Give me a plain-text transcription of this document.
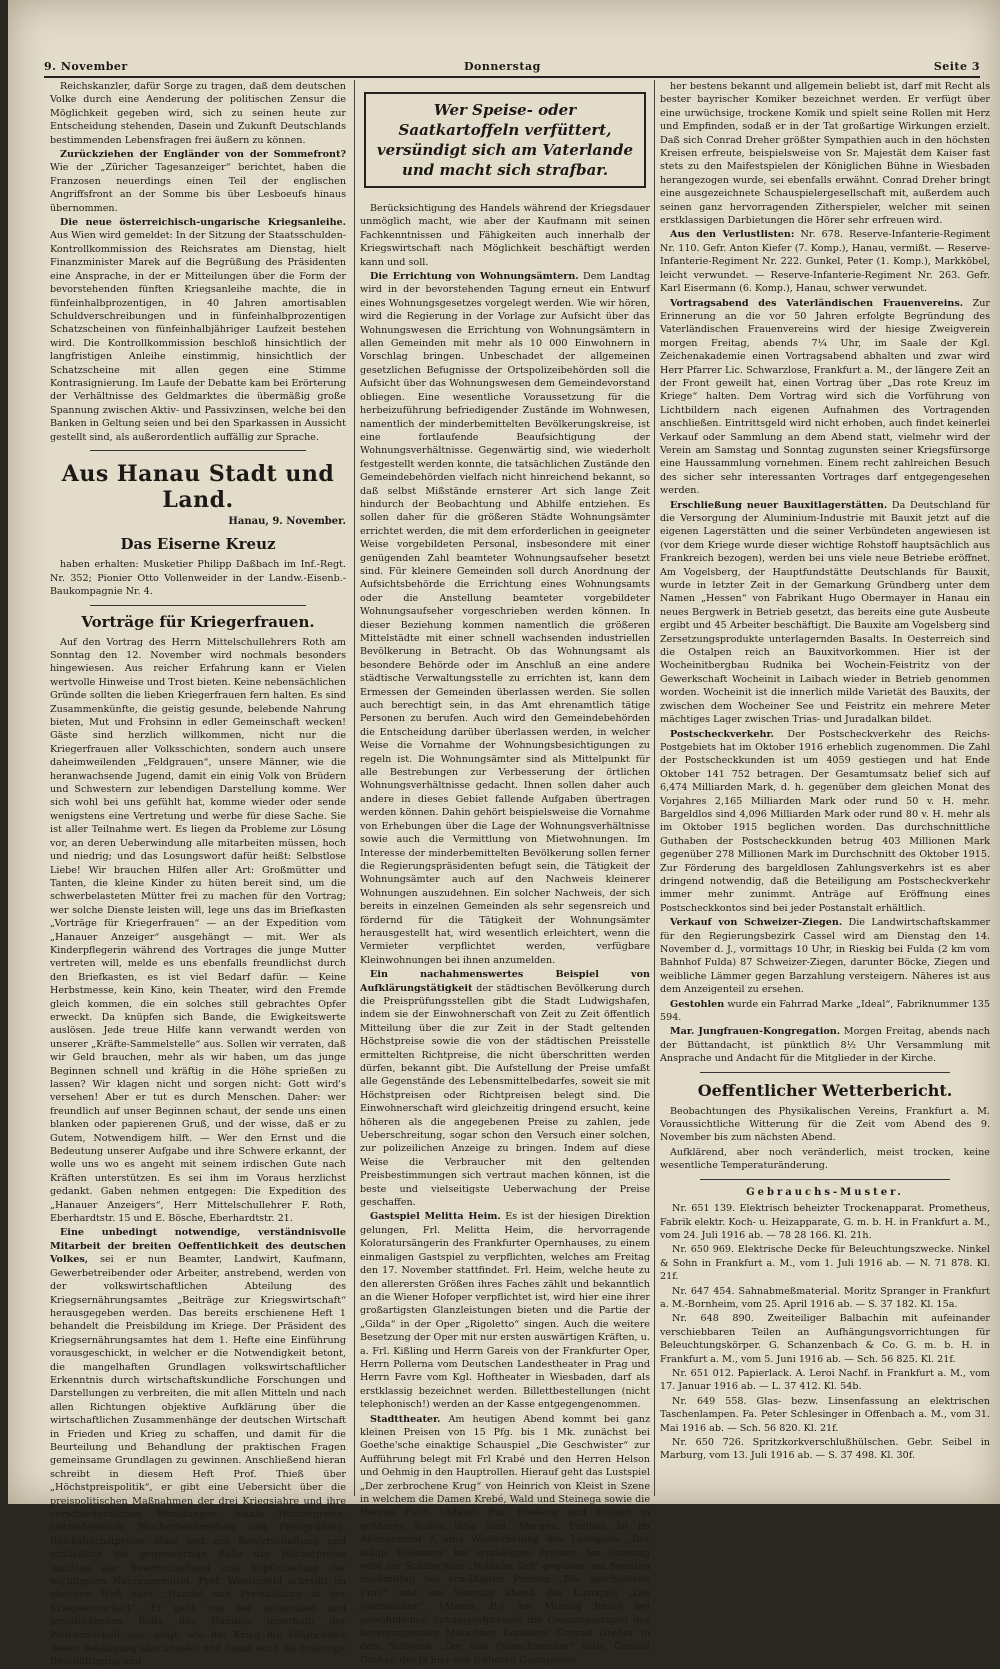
9. November	Donnerstag	Seite 3

Reichskanzler, dafür Sorge zu tragen, daß dem deutschen Volke durch eine Aenderung der politischen Zensur die Möglichkeit gegeben wird, sich zu seinen heute zur Entscheidung stehenden, Dasein und Zukunft Deutschlands bestimmenden Lebensfragen frei äußern zu können.

Zurückziehen der Engländer von der Sommefront? Wie der „Züricher Tagesanzeiger“ berichtet, haben die Franzosen neuerdings einen Teil der englischen Angriffsfront an der Somme bis über Lesboeufs hinaus übernommen.

Die neue österreichisch-ungarische Kriegsanleihe. Aus Wien wird gemeldet: In der Sitzung der Staatsschulden-Kontrollkommission des Reichsrates am Dienstag, hielt Finanzminister Marek auf die Begrüßung des Präsidenten eine Ansprache, in der er Mitteilungen über die Form der bevorstehenden fünften Kriegsanleihe machte, die in fünfeinhalbprozentigen, in 40 Jahren amortisablen Schuldverschreibungen und in fünfeinhalbprozentigen Schatzscheinen von fünfeinhalbjähriger Laufzeit bestehen wird. Die Kontrollkommission beschloß hinsichtlich der langfristigen Anleihe einstimmig, hinsichtlich der Schatzscheine mit allen gegen eine Stimme Kontrasignierung. Im Laufe der Debatte kam bei Erörterung der Verhältnisse des Geldmarktes die übermäßig große Spannung zwischen Aktiv- und Passivzinsen, welche bei den Banken in Geltung seien und bei den Sparkassen in Aussicht gestellt sind, als außerordentlich auffällig zur Sprache.

Aus Hanau Stadt und Land.
Hanau, 9. November.
Das Eiserne Kreuz

haben erhalten: Musketier Philipp Daßbach im Inf.-Regt. Nr. 352; Pionier Otto Vollenweider in der Landw.-Eisenb.-Baukompagnie Nr. 4.

Vorträge für Kriegerfrauen.

Auf den Vortrag des Herrn Mittelschullehrers Roth am Sonntag den 12. November wird nochmals besonders hingewiesen. Aus reicher Erfahrung kann er Vielen wertvolle Hinweise und Trost bieten. Keine nebensächlichen Gründe sollten die lieben Kriegerfrauen fern halten. Es sind Zusammenkünfte, die geistig gesunde, belebende Nahrung bieten, Mut und Frohsinn in edler Gemeinschaft wecken! Gäste sind herzlich willkommen, nicht nur die Kriegerfrauen aller Volksschichten, sondern auch unsere daheimweilenden „Feldgrauen“, unsere Männer, wie die heranwachsende Jugend, damit ein einig Volk von Brüdern und Schwestern zur lebendigen Darstellung komme. Wer sich wohl bei uns gefühlt hat, komme wieder oder sende wenigstens eine Vertretung und werbe für diese Sache. Sie ist aller Teilnahme wert. Es liegen da Probleme zur Lösung vor, an deren Ueberwindung alle mitarbeiten müssen, hoch und niedrig; und das Losungswort dafür heißt: Selbstlose Liebe! Wir brauchen Hilfen aller Art: Großmütter und Tanten, die kleine Kinder zu hüten bereit sind, um die schwerbelasteten Mütter frei zu machen für den Vortrag; wer solche Dienste leisten will, lege uns das im Briefkasten „Vorträge für Kriegerfrauen“ — an der Expedition vom „Hanauer Anzeiger“ ausgehängt — mit. Wer als Kinderpflegerin während des Vortrages die junge Mutter vertreten will, melde es uns ebenfalls freundlichst durch den Briefkasten, es ist viel Bedarf dafür. — Keine Herbstmesse, kein Kino, kein Theater, wird den Fremde gleich kommen, die ein solches still gebrachtes Opfer erweckt. Da knüpfen sich Bande, die Ewigkeitswerte auslösen. Jede treue Hilfe kann verwandt werden von unserer „Kräfte-Sammelstelle“ aus. Sollen wir verraten, daß wir Geld brauchen, mehr als wir haben, um das junge Beginnen schnell und kräftig in die Höhe sprießen zu lassen? Wir klagen nicht und sorgen nicht: Gott wird's versehen! Aber er tut es durch Menschen. Daher: wer freundlich auf unser Beginnen schaut, der sende uns einen blanken oder papierenen Gruß, und der wisse, daß er zu Gutem, Notwendigem hilft. — Wer den Ernst und die Bedeutung unserer Aufgabe und ihre Schwere erkannt, der wolle uns wo es angeht mit seinem irdischen Gute nach Kräften unterstützen. Es sei ihm im Voraus herzlichst gedankt. Gaben nehmen entgegen: Die Expedition des „Hanauer Anzeigers“, Herr Mittelschullehrer F. Roth, Eberhardtstr. 15 und E. Bösche, Eberhardtstr. 21.

Eine unbedingt notwendige, verständnisvolle Mitarbeit der breiten Oeffentlichkeit des deutschen Volkes, sei er nun Beamter, Landwirt, Kaufmann, Gewerbetreibender oder Arbeiter, anstrebend, werden von der volkswirtschaftlichen Abteilung des Kriegsernährungsamtes „Beiträge zur Kriegswirtschaft“ herausgegeben werden. Das bereits erschienene Heft 1 behandelt die Preisbildung im Kriege. Der Präsident des Kriegsernährungsamtes hat dem 1. Hefte eine Einführung vorausgeschickt, in welcher er die Notwendigkeit betont, die mangelhaften Grundlagen volkswirtschaftlicher Erkenntnis durch wirtschaftskundliche Forschungen und Darstellungen zu verbreiten, die mit allen Mitteln und nach allen Richtungen objektive Aufklärung über die wirtschaftlichen Zusammenhänge der deutschen Wirtschaft in Frieden und Krieg zu schaffen, und damit für die Beurteilung und Behandlung der praktischen Fragen gemeinsame Grundlagen zu gewinnen. Anschließend hieran schreibt in diesem Heft Prof. Thieß über „Höchstpreispolitik“, er gibt eine Uebersicht über die preispolitischen Maßnahmen der drei Kriegsjahre und ihre verschiedentlichen Wandlungen: lokale Höchstpreise, Getreidepolitik, Wucherbekämpfung und Preisprüfung, Reichshöchstpreise ohne und mit Bewirtschaftung und schließlich die gegenwärtige Rolle der Höchstpreise inmitten der Bewirtschaftung und Kopfzuteilung der wichtigsten Nahrungsmittel. Prof. Wiedenfeld schreibt im gleichen Heft über „Handel und Preisbildung in der Kriegswirtschaft“. Er geht von der ordnenden und preisbildenden Rolle des Handels innerhalb der Weltwirtschaft aus, zeigt, wie der Krieg die Möglichkeit dieser Betätigung abschneidet und damit auch die bisherige Beschäftigung und

Wer Speise- oder Saatkartoffeln verfüttert, versündigt sich am Vaterlande und macht sich strafbar.

Berücksichtigung des Handels während der Kriegsdauer unmöglich macht, wie aber der Kaufmann mit seinen Fachkenntnissen und Fähigkeiten auch innerhalb der Kriegswirtschaft nach Möglichkeit beschäftigt werden kann und soll.

Die Errichtung von Wohnungsämtern. Dem Landtag wird in der bevorstehenden Tagung erneut ein Entwurf eines Wohnungsgesetzes vorgelegt werden. Wie wir hören, wird die Regierung in der Vorlage zur Aufsicht über das Wohnungswesen die Errichtung von Wohnungsämtern in allen Gemeinden mit mehr als 10 000 Einwohnern in Vorschlag bringen. Unbeschadet der allgemeinen gesetzlichen Befugnisse der Ortspolizeibehörden soll die Aufsicht über das Wohnungswesen dem Gemeindevorstand obliegen. Eine wesentliche Voraussetzung für die herbeizuführung befriedigender Zustände im Wohnwesen, namentlich der minderbemittelten Bevölkerungskreise, ist eine fortlaufende Beaufsichtigung der Wohnungsverhältnisse. Gegenwärtig sind, wie wiederholt festgestellt werden konnte, die tatsächlichen Zustände den Gemeindebehörden vielfach nicht hinreichend bekannt, so daß selbst Mißstände ernsterer Art sich lange Zeit hindurch der Beobachtung und Abhilfe entziehen. Es sollen daher für die größeren Städte Wohnungsämter errichtet werden, die mit dem erforderlichen in geeigneter Weise vorgebildeten Personal, insbesondere mit einer genügenden Zahl beamteter Wohnungsaufseher besetzt sind. Für kleinere Gemeinden soll durch Anordnung der Aufsichtsbehörde die Errichtung eines Wohnungsamts oder die Anstellung beamteter vorgebildeter Wohnungsaufseher vorgeschrieben werden können. In dieser Beziehung kommen namentlich die größeren Mittelstädte mit einer schnell wachsenden industriellen Bevölkerung in Betracht. Ob das Wohnungsamt als besondere Behörde oder im Anschluß an eine andere städtische Verwaltungsstelle zu errichten ist, kann dem Ermessen der Gemeinden überlassen werden. Sie sollen auch berechtigt sein, in das Amt ehrenamtlich tätige Personen zu berufen. Auch wird den Gemeindebehörden die Entscheidung darüber überlassen werden, in welcher Weise die Vornahme der Wohnungsbesichtigungen zu regeln ist. Die Wohnungsämter sind als Mittelpunkt für alle Bestrebungen zur Verbesserung der örtlichen Wohnungsverhältnisse gedacht. Ihnen sollen daher auch andere in dieses Gebiet fallende Aufgaben übertragen werden können. Dahin gehört beispielsweise die Vornahme von Erhebungen über die Lage der Wohnungsverhältnisse sowie auch die Vermittlung von Mietwohnungen. Im Interesse der minderbemittelten Bevölkerung sollen ferner die Regierungspräsidenten befugt sein, die Tätigkeit der Wohnungsämter auch auf den Nachweis kleinerer Wohnungen auszudehnen. Ein solcher Nachweis, der sich bereits in einzelnen Gemeinden als sehr segensreich und fördernd für die Tätigkeit der Wohnungsämter herausgestellt hat, wird wesentlich erleichtert, wenn die Vermieter verpflichtet werden, verfügbare Kleinwohnungen bei ihnen anzumelden.

Ein nachahmenswertes Beispiel von Aufklärungstätigkeit der städtischen Bevölkerung durch die Preisprüfungsstellen gibt die Stadt Ludwigshafen, indem sie der Einwohnerschaft von Zeit zu Zeit öffentlich Mitteilung über die zur Zeit in der Stadt geltenden Höchstpreise sowie die von der städtischen Preisstelle ermittelten Richtpreise, die nicht überschritten werden dürfen, bekannt gibt. Die Aufstellung der Preise umfaßt alle Gegenstände des Lebensmittelbedarfes, soweit sie mit Höchstpreisen oder Richtpreisen belegt sind. Die Einwohnerschaft wird gleichzeitig dringend ersucht, keine höheren als die angegebenen Preise zu zahlen, jede Ueberschreitung, sogar schon den Versuch einer solchen, zur polizeilichen Anzeige zu bringen. Indem auf diese Weise die Verbraucher mit den geltenden Preisbestimmungen sich vertraut machen können, ist die beste und vielseitigste Ueberwachung der Preise geschaffen.

Gastspiel Melitta Heim. Es ist der hiesigen Direktion gelungen, Frl. Melitta Heim, die hervorragende Koloratursängerin des Frankfurter Opernhauses, zu einem einmaligen Gastspiel zu verpflichten, welches am Freitag den 17. November stattfindet. Frl. Heim, welche heute zu den allerersten Größen ihres Faches zählt und bekanntlich an die Wiener Hofoper verpflichtet ist, wird hier eine ihrer großartigsten Glanzleistungen bieten und die Partie der „Gilda“ in der Oper „Rigoletto“ singen. Auch die weitere Besetzung der Oper mit nur ersten auswärtigen Kräften, u. a. Frl. Kißling und Herrn Gareis von der Frankfurter Oper, Herrn Pollerna vom Deutschen Landestheater in Prag und Herrn Favre vom Kgl. Hoftheater in Wiesbaden, darf als erstklassig bezeichnet werden. Billettbestellungen (nicht telephonisch!) werden an der Kasse entgegengenommen.

Stadttheater. Am heutigen Abend kommt bei ganz kleinen Preisen von 15 Pfg. bis 1 Mk. zunächst bei Goethe'sche einaktige Schauspiel „Die Geschwister“ zur Aufführung belegt mit Frl Krabé und den Herren Helson und Oehmig in den Hauptrollen. Hierauf geht das Lustspiel „Der zerbrochene Krug“ von Heinrich von Kleist in Szene in welchem die Damen Krebé, Wald und Steinega sowie die Herren Pauls (Adam), Pur, Wieberg und Helgon in größeren Rollen tätig sind. Morgen, Freitag, ist im Abonnement A eine Wiederholung des Lustspiels „Der ledige Ehemann“ bei ermäßigten Preisen. Am Samstag wird zur Schillerfeier „Wilhelm Tell“ gegeben, am Sonntag nachmittag bei ermäßigten Preisen „Die geschiedene Frau“ und am Sonntag abend das Lustspiel „Die Journalisten“. (Abonn. B.) Am Montag findet bei gewöhnlichen Schauspielpreisen die Gesamtgastspiel des hervorragenden Münchner Komikers Conrad Dreher in dem Schwank „Der alte Feinschmecker“ statt. Conrad Dreher, der ja hier von früheren Gastspielen

her bestens bekannt und allgemein beliebt ist, darf mit Recht als bester bayrischer Komiker bezeichnet werden. Er verfügt über eine urwüchsige, trockene Komik und spielt seine Rollen mit Herz und Empfinden, sodaß er in der Tat großartige Wirkungen erzielt. Daß sich Conrad Dreher größter Sympathien auch in den höchsten Kreisen erfreute, beispielsweise von Sr. Majestät dem Kaiser fast stets zu den Maifestspielen der Königlichen Bühne in Wiesbaden herangezogen wurde, sei ebenfalls erwähnt. Conrad Dreher bringt eine ausgezeichnete Schauspielergesellschaft mit, außerdem auch seinen ganz hervorragenden Zitherspieler, welcher mit seinen erstklassigen Darbietungen die Hörer sehr erfreuen wird.

Aus den Verlustlisten: Nr. 678. Reserve-Infanterie-Regiment Nr. 110. Gefr. Anton Kiefer (7. Komp.), Hanau, vermißt. — Reserve-Infanterie-Regiment Nr. 222. Gunkel, Peter (1. Komp.), Markköbel, leicht verwundet. — Reserve-Infanterie-Regiment Nr. 263. Gefr. Karl Eisermann (6. Komp.), Hanau, schwer verwundet.

Vortragsabend des Vaterländischen Frauenvereins. Zur Erinnerung an die vor 50 Jahren erfolgte Begründung des Vaterländischen Frauenvereins wird der hiesige Zweigverein morgen Freitag, abends 7¼ Uhr, im Saale der Kgl. Zeichenakademie einen Vortragsabend abhalten und zwar wird Herr Pfarrer Lic. Schwarzlose, Frankfurt a. M., der längere Zeit an der Front geweilt hat, einen Vortrag über „Das rote Kreuz im Kriege“ halten. Dem Vortrag wird sich die Vorführung von Lichtbildern nach eigenen Aufnahmen des Vortragenden anschließen. Eintrittsgeld wird nicht erhoben, auch findet keinerlei Verkauf oder Sammlung an dem Abend statt, vielmehr wird der Verein am Samstag und Sonntag zugunsten seiner Kriegsfürsorge eine Haussammlung vornehmen. Einem recht zahlreichen Besuch des sicher sehr interessanten Vortrages darf entgegengesehen werden.

Erschließung neuer Bauxitlagerstätten. Da Deutschland für die Versorgung der Aluminium-Industrie mit Bauxit jetzt auf die eigenen Lagerstätten und die seiner Verbündeten angewiesen ist (vor dem Kriege wurde dieser wichtige Rohstoff hauptsächlich aus Frankreich bezogen), werden bei uns viele neue Betriebe eröffnet. Am Vogelsberg, der Hauptfundstätte Deutschlands für Bauxit, wurde in letzter Zeit in der Gemarkung Gründberg unter dem Namen „Hessen“ von Fabrikant Hugo Obermayer in Hanau ein neues Bergwerk in Betrieb gesetzt, das bereits eine gute Ausbeute ergibt und 45 Arbeiter beschäftigt. Die Bauxite am Vogelsberg sind Zersetzungsprodukte unterlagernden Basalts. In Oesterreich sind die Ostalpen reich an Bauxitvorkommen. Hier ist der Wocheinitbergbau Rudnika bei Wochein-Feistritz von der Gewerkschaft Wocheinit in Laibach wieder in Betrieb genommen worden. Wocheinit ist die innerlich milde Varietät des Bauxits, der zwischen dem Wocheiner See und Feistritz ein mehrere Meter mächtiges Lager zwischen Trias- und Juradalkan bildet.

Postscheckverkehr. Der Postscheckverkehr des Reichs-Postgebiets hat im Oktober 1916 erheblich zugenommen. Die Zahl der Postscheckkunden ist um 4059 gestiegen und hat Ende Oktober 141 752 betragen. Der Gesamtumsatz belief sich auf 6,474 Milliarden Mark, d. h. gegenüber dem gleichen Monat des Vorjahres 2,165 Milliarden Mark oder rund 50 v. H. mehr. Bargeldlos sind 4,096 Milliarden Mark oder rund 80 v. H. mehr als im Oktober 1915 beglichen worden. Das durchschnittliche Guthaben der Postscheckkunden betrug 403 Millionen Mark gegenüber 278 Millionen Mark im Durchschnitt des Oktober 1915. Zur Förderung des bargeldlosen Zahlungsverkehrs ist es aber dringend notwendig, daß die Beteiligung am Postscheckverkehr immer mehr zunimmt. Anträge auf Eröffnung eines Postscheckkontos sind bei jeder Postanstalt erhältlich.

Verkauf von Schweizer-Ziegen. Die Landwirtschaftskammer für den Regierungsbezirk Cassel wird am Dienstag den 14. November d. J., vormittags 10 Uhr, in Rieskig bei Fulda (2 km vom Bahnhof Fulda) 87 Schweizer-Ziegen, darunter Böcke, Ziegen und weibliche Lämmer gegen Barzahlung versteigern. Näheres ist aus dem Anzeigenteil zu ersehen.

Gestohlen wurde ein Fahrrad Marke „Ideal“, Fabriknummer 135 594.

Mar. Jungfrauen-Kongregation. Morgen Freitag, abends nach der Büttandacht, ist pünktlich 8½ Uhr Versammlung mit Ansprache und Andacht für die Mitglieder in der Kirche.

Oeffentlicher Wetterbericht.

Beobachtungen des Physikalischen Vereins, Frankfurt a. M. Voraussichtliche Witterung für die Zeit vom Abend des 9. November bis zum nächsten Abend.

Aufklärend, aber noch veränderlich, meist trocken, keine wesentliche Temperaturänderung.

Gebrauchs-Muster.

Nr. 651 139. Elektrisch beheizter Trockenapparat. Prometheus, Fabrik elektr. Koch- u. Heizapparate, G. m. b. H. in Frankfurt a. M., vom 24. Juli 1916 ab. — 78 28 166. Kl. 21h.

Nr. 650 969. Elektrische Decke für Beleuchtungszwecke. Ninkel & Sohn in Frankfurt a. M., vom 1. Juli 1916 ab. — N. 71 878. Kl. 21f.

Nr. 647 454. Sahnabmeßmaterial. Moritz Spranger in Frankfurt a. M.-Bornheim, vom 25. April 1916 ab. — S. 37 182. Kl. 15a.

Nr. 648 890. Zweiteiliger Balbachin mit aufeinander verschiebbaren Teilen an Aufhängungsvorrichtungen für Beleuchtungskörper. G. Schanzenbach & Co. G. m. b. H. in Frankfurt a. M., vom 5. Juni 1916 ab. — Sch. 56 825. Kl. 21f.

Nr. 651 012. Papierlack. A. Leroi Nachf. in Frankfurt a. M., vom 17. Januar 1916 ab. — L. 37 412. Kl. 54b.

Nr. 649 558. Glas- bezw. Linsenfassung an elektrischen Taschenlampen. Fa. Peter Schlesinger in Offenbach a. M., vom 31. Mai 1916 ab. — Sch. 56 820. Kl. 21f.

Nr. 650 726. Spritzkorkverschlußhülschen. Gebr. Seibel in Marburg, vom 13. Juli 1916 ab. — S. 37 498. Kl. 30f.
